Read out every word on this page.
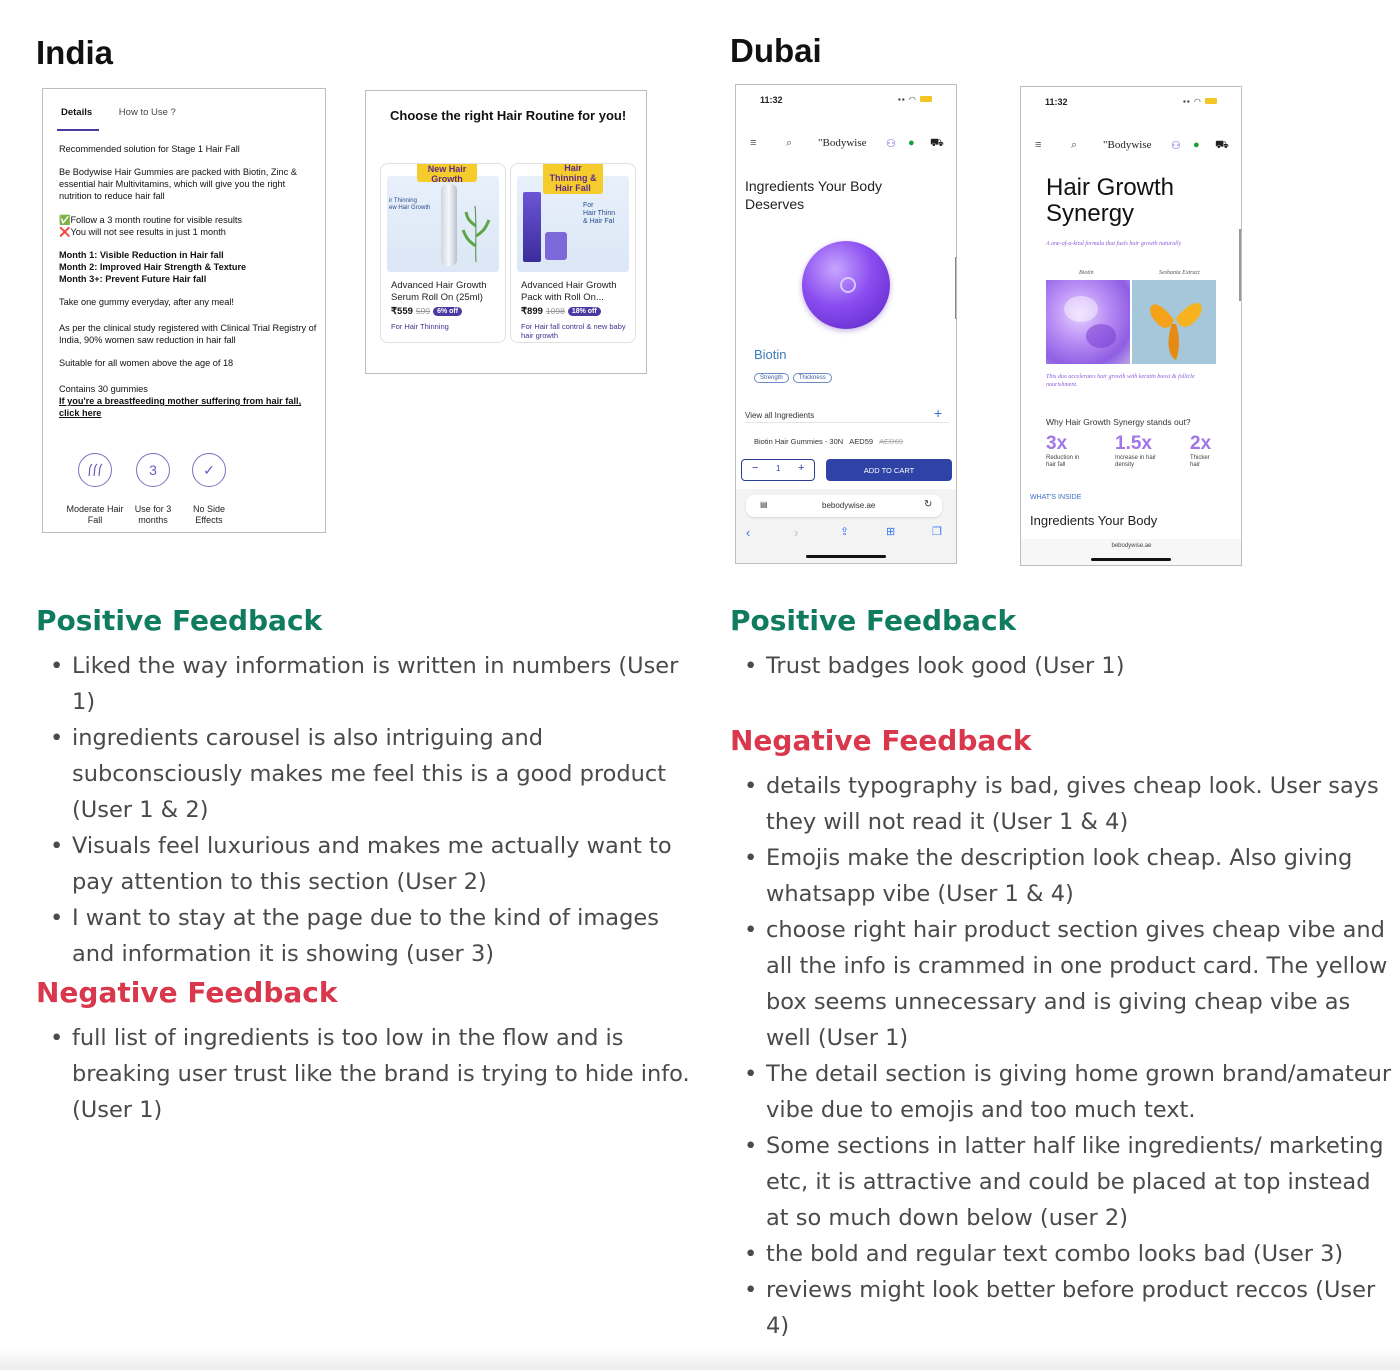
India	Dubai
Details	How to Use ?

Recommended solution for Stage 1 Hair Fall

Be Bodywise Hair Gummies are packed with Biotin, Zinc & essential hair Multivitamins, which will give you the right nutrition to reduce hair fall

✅Follow a 3 month routine for visible results

❌You will not see results in just 1 month

Month 1: Visible Reduction in Hair fall
Month 2: Improved Hair Strength & Texture

Month 3+: Prevent Future Hair fall

Take one gummy everyday, after any meal!

As per the clinical study registered with Clinical Trial Registry of India, 90% women saw reduction in hair fall

Suitable for all women above the age of 18

Contains 30 gummies
If you're a breastfeeding mother suffering from hair fall, click here
Moderate Hair Fall
3
Use for 3 months
✓
No Side Effects
Choose the right Hair Routine for you!
ir Thinning
ew Hair Growth
New Hair Growth
Advanced Hair Growth Serum Roll On (25ml)
₹559 599 6% off
For Hair Thinning
For
Hair Thinn
& Hair Fal
Hair Thinning & Hair Fall
Advanced Hair Growth Pack with Roll On...
₹899 1098 18% off
For Hair fall control & new baby hair growth
11:32	▪▪ ◠
≡	⌕ "Bodywise ⚇ ● ⛟
Ingredients Your Body Deserves
Biotin
Strength	Thickness
View all Ingredients	+
Biotin Hair Gummies - 30N AED59 AED69
− 1 +	ADD TO CART
▤	bebodywise.ae	↻
‹	›	⇪	⊞	❐
11:32	▪▪ ◠
≡	⌕ "Bodywise ⚇ ● ⛟
Hair Growth Synergy
A one-of-a-kind formula that fuels hair growth naturally
Biotin	Sesbania Extract
This duo accelerates hair growth with keratin boost & follicle nourishment.
Why Hair Growth Synergy stands out?
3x
Reduction in hair fall
1.5x
Increase in hair density
2x
Thicker hair
WHAT'S INSIDE
Ingredients Your Body
bebodywise.ae
Positive Feedback
• Liked the way information is written in numbers (User 1)
• ingredients carousel is also intriguing and subconsciously makes me feel this is a good product (User 1 & 2)
• Visuals feel luxurious and makes me actually want to pay attention to this section (User 2)
• I want to stay at the page due to the kind of images and information it is showing (user 3)
Negative Feedback
• full list of ingredients is too low in the flow and is breaking user trust like the brand is trying to hide info. (User 1)
Positive Feedback
• Trust badges look good (User 1)
Negative Feedback
• details typography is bad, gives cheap look. User says they will not read it (User 1 & 4)
• Emojis make the description look cheap. Also giving whatsapp vibe (User 1 & 4)
• choose right hair product section gives cheap vibe and all the info is crammed in one product card. The yellow box seems unnecessary and is giving cheap vibe as well (User 1)
• The detail section is giving home grown brand/amateur vibe due to emojis and too much text.
• Some sections in latter half like ingredients/ marketing etc, it is attractive and could be placed at top instead at so much down below (user 2)
• the bold and regular text combo looks bad (User 3)
• reviews might look better before product reccos (User 4)
